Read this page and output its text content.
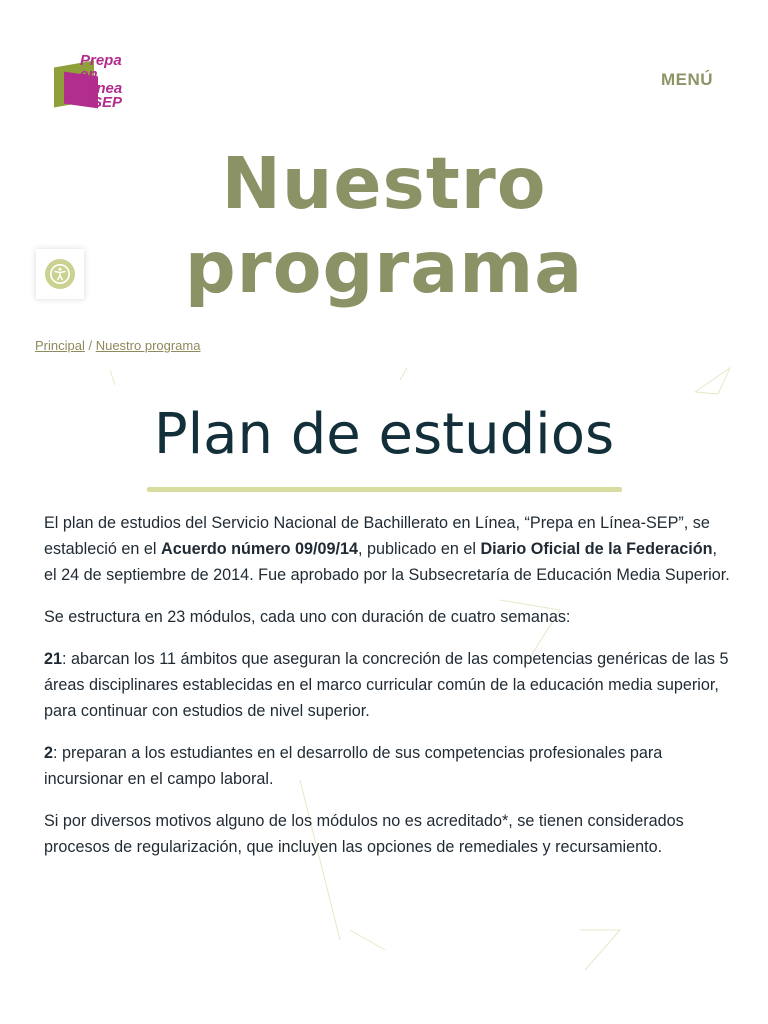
Prepa en
línea
SEP
MENÚ
Nuestro
programa
Principal / Nuestro programa
Plan de estudios

El plan de estudios del Servicio Nacional de Bachillerato en Línea, “Prepa en Línea-SEP”, se estableció en el Acuerdo número 09/09/14, publicado en el Diario Oficial de la Federación, el 24 de septiembre de 2014. Fue aprobado por la Subsecretaría de Educación Media Superior.

Se estructura en 23 módulos, cada uno con duración de cuatro semanas:

21: abarcan los 11 ámbitos que aseguran la concreción de las competencias genéricas de las 5 áreas disciplinares establecidas en el marco curricular común de la educación media superior, para continuar con estudios de nivel superior.

2: preparan a los estudiantes en el desarrollo de sus competencias profesionales para incursionar en el campo laboral.

Si por diversos motivos alguno de los módulos no es acreditado*, se tienen considerados procesos de regularización, que incluyen las opciones de remediales y recursamiento.
